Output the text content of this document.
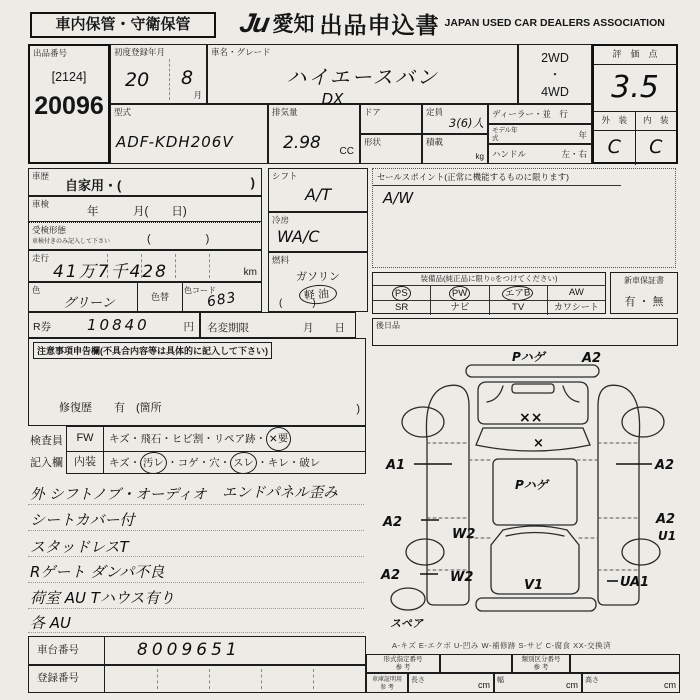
車内保管・守衛保管	Ju 愛知 出品申込書 JAPAN USED CAR DEALERS ASSOCIATION
出品番号
[2124]
20096
初度登録年月
20 8
月
車名・グレード
ハイエースバン
DX
2WD
・
4WD
評　価　点
3.5
外　装	内　装
C	C
型式
ADF-KDH206V
排気量
2.98 CC
ドア
形状
定員
3(6)人
積載
kg
ディーラー・並　行
モデル年式	年
ハンドル	左・右
車歴
自家用・(	)
車検
年　　　月(　　日)
受検形態
車検付きのみ記入して下さい	(　　　　　)
走行
41万7千428	km
色
グリーン	色替
色コード
683
シフト
A/T
冷房
WA/C
燃料
ガソリン
軽油
(　　　)
セールスポイント(正常に機能するものに限ります)
A/W
装備品(純正品に限り○をつけてください)
PS	PW	エアB	AW
SR	ナビ	TV	カワシート
新車保証書
有 ・ 無
後日品
R券 10840	円 名変期限	月　　日
注意事項申告欄(不具合内容等は具体的に記入して下さい)
修復歴　　有　(箇所	)
検査員
記入欄
FW	キズ・飛石・ヒビ割・リペア跡・ ✕要
内装	キズ・ 汚レ ・コゲ・穴・ スレ ・キレ・破レ
外 シフトノブ・オーディオ エンドパネル歪み
シートカバー付
スタッドレスT
Rゲート ダンパ不良
荷室 AU Tハウス有り
各 AU
車台番号	8009651
登録番号
Pハゲ	A2
××
×
A1	A2
Pハゲ
A2
W2
A2
U1
A2	W2
V1	UA1
スペア
A-キズ E-エクボ U-凹み W-補修跡 S-サビ C-腐食 XX-交換済
形式指定番号
参 考
類別区分番号
参 考
車庫証明用
参 考
長さ	cm 幅	cm 高さ	cm
